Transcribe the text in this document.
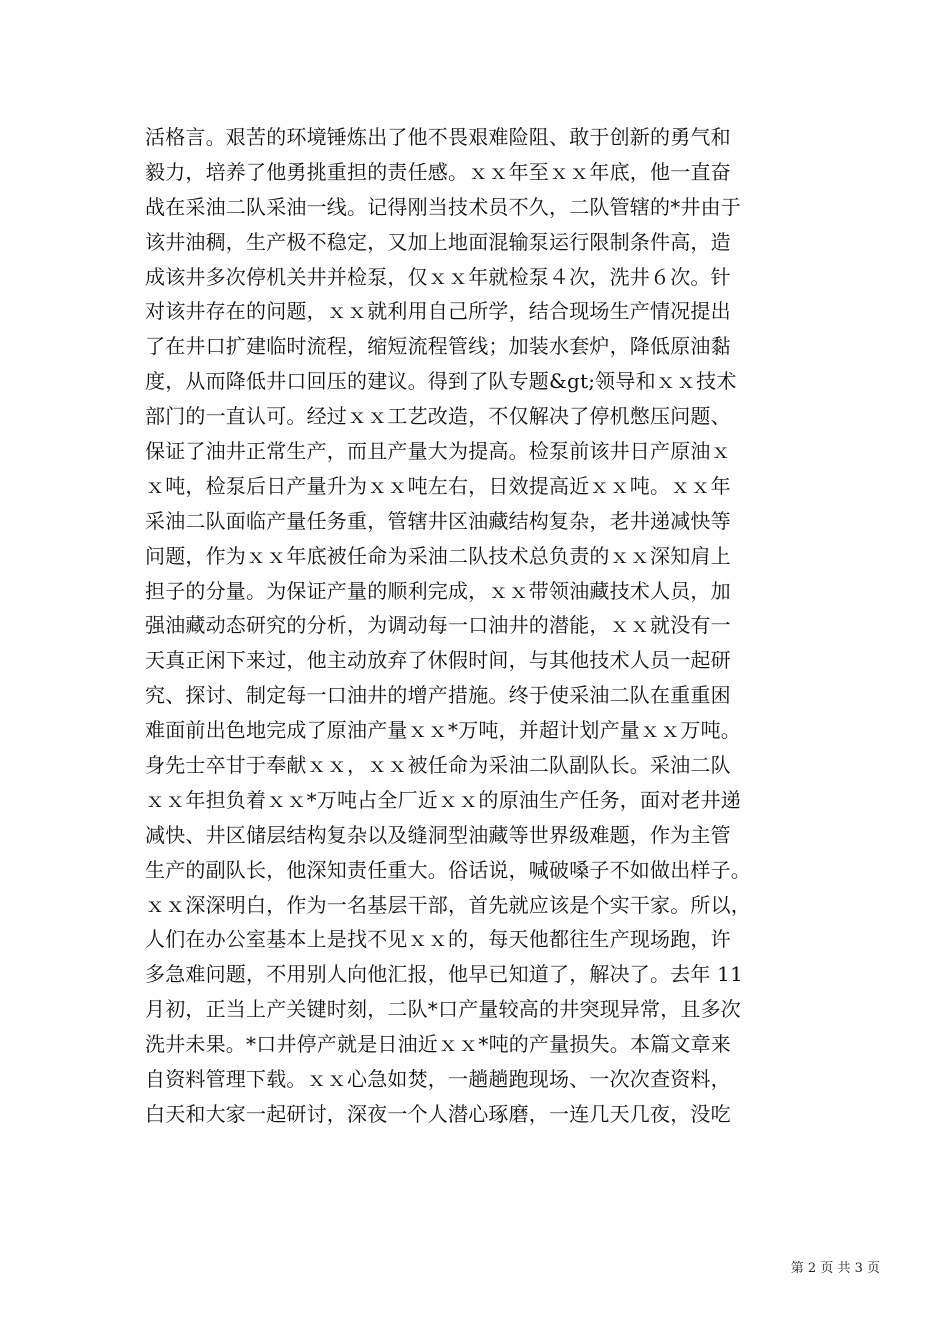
活格言。艰苦的环境锤炼出了他不畏艰难险阻、敢于创新的勇气和
毅力，培养了他勇挑重担的责任感。ｘｘ年至ｘｘ年底，他一直奋
战在采油二队采油一线。记得刚当技术员不久，二队管辖的*井由于
该井油稠，生产极不稳定，又加上地面混输泵运行限制条件高，造
成该井多次停机关井并检泵，仅ｘｘ年就检泵４次，洗井６次。针
对该井存在的问题，ｘｘ就利用自己所学，结合现场生产情况提出
了在井口扩建临时流程，缩短流程管线；加装水套炉，降低原油黏
度，从而降低井口回压的建议。得到了队专题&gt;领导和ｘｘ技术
部门的一直认可。经过ｘｘ工艺改造，不仅解决了停机憋压问题、
保证了油井正常生产，而且产量大为提高。检泵前该井日产原油ｘ
ｘ吨，检泵后日产量升为ｘｘ吨左右，日效提高近ｘｘ吨。ｘｘ年
采油二队面临产量任务重，管辖井区油藏结构复杂，老井递减快等
问题，作为ｘｘ年底被任命为采油二队技术总负责的ｘｘ深知肩上
担子的分量。为保证产量的顺利完成，ｘｘ带领油藏技术人员，加
强油藏动态研究的分析，为调动每一口油井的潜能，ｘｘ就没有一
天真正闲下来过，他主动放弃了休假时间，与其他技术人员一起研
究、探讨、制定每一口油井的增产措施。终于使采油二队在重重困
难面前出色地完成了原油产量ｘｘ*万吨，并超计划产量ｘｘ万吨。
身先士卒甘于奉献ｘｘ，ｘｘ被任命为采油二队副队长。采油二队
ｘｘ年担负着ｘｘ*万吨占全厂近ｘｘ的原油生产任务，面对老井递
减快、井区储层结构复杂以及缝洞型油藏等世界级难题，作为主管
生产的副队长，他深知责任重大。俗话说，喊破嗓子不如做出样子。
ｘｘ深深明白，作为一名基层干部，首先就应该是个实干家。所以，
人们在办公室基本上是找不见ｘｘ的，每天他都往生产现场跑，许
多急难问题，不用别人向他汇报，他早已知道了，解决了。去年 11
月初，正当上产关键时刻，二队*口产量较高的井突现异常，且多次
洗井未果。*口井停产就是日油近ｘｘ*吨的产量损失。本篇文章来
自资料管理下载。ｘｘ心急如焚，一趟趟跑现场、一次次查资料，
白天和大家一起研讨，深夜一个人潜心琢磨，一连几天几夜，没吃
第 2 页 共 3 页
